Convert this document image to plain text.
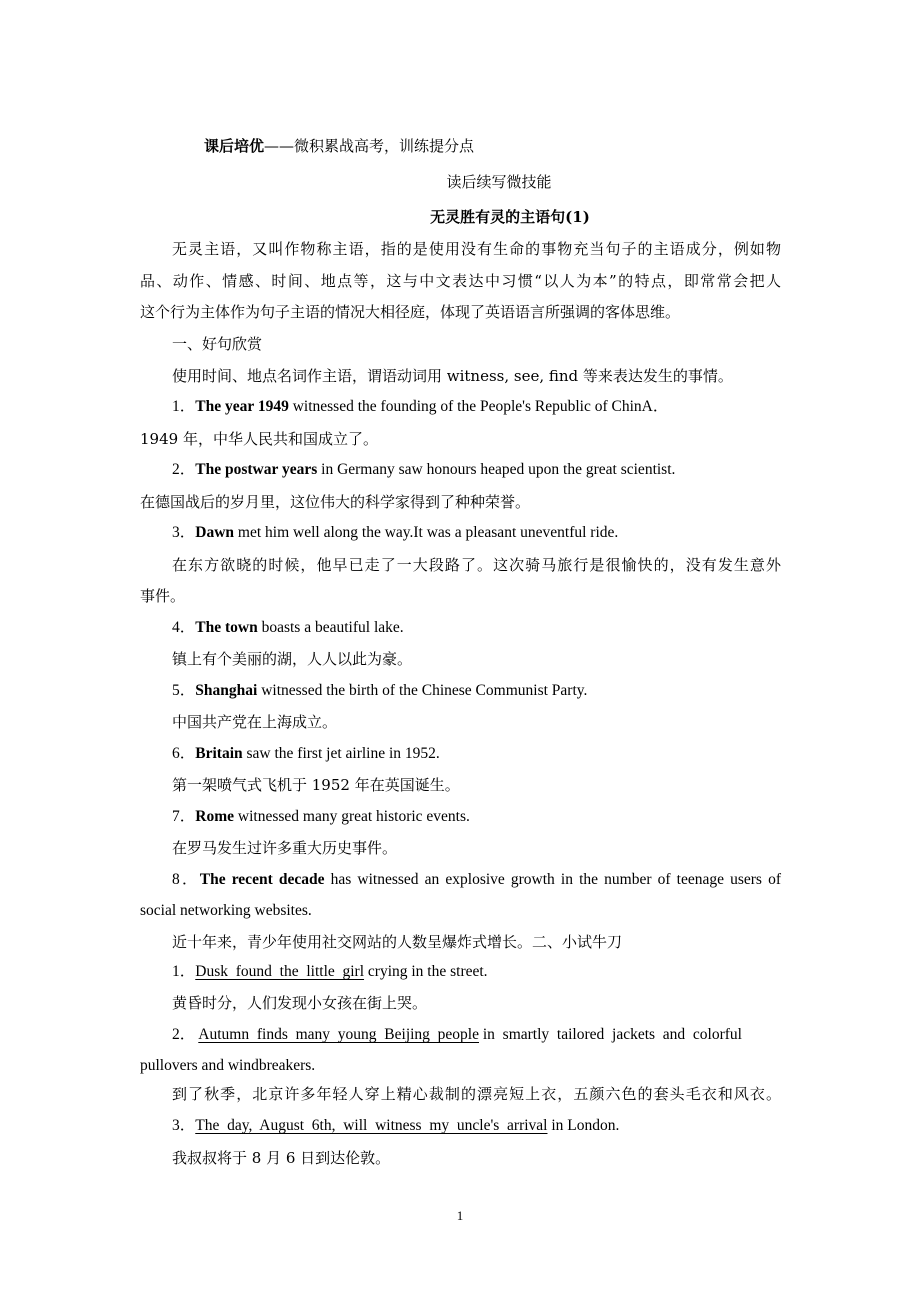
课后培优——微积累战高考，训练提分点
读后续写微技能
无灵胜有灵的主语句(1)
无灵主语，又叫作物称主语，指的是使用没有生命的事物充当句子的主语成分，例如物
品、动作、情感、时间、地点等，这与中文表达中习惯“以人为本”的特点，即常常会把人
这个行为主体作为句子主语的情况大相径庭，体现了英语语言所强调的客体思维。
一、好句欣赏
使用时间、地点名词作主语，谓语动词用 witness, see, find 等来表达发生的事情。
1．The year 1949 witnessed the founding of the People's Republic of ChinA．
1949 年，中华人民共和国成立了。
2．The postwar years in Germany saw honours heaped upon the great scientist.
在德国战后的岁月里，这位伟大的科学家得到了种种荣誉。
3．Dawn met him well along the way.It was a pleasant uneventful ride.
在东方欲晓的时候，他早已走了一大段路了。这次骑马旅行是很愉快的，没有发生意外
事件。
4．The town boasts a beautiful lake.
镇上有个美丽的湖，人人以此为豪。
5．Shanghai witnessed the birth of the Chinese Communist Party.
中国共产党在上海成立。
6．Britain saw the first jet airline in 1952.
第一架喷气式飞机于 1952 年在英国诞生。
7．Rome witnessed many great historic events.
在罗马发生过许多重大历史事件。
8．The recent decade has witnessed an explosive growth in the number of teenage users of
social networking websites.
近十年来，青少年使用社交网站的人数呈爆炸式增长。二、小试牛刀
1．Dusk  found  the  little  girl crying in the street.
黄昏时分，人们发现小女孩在街上哭。
2． Autumn  finds  many  young  Beijing  people in  smartly  tailored  jackets  and  colorful
pullovers and windbreakers.
到了秋季，北京许多年轻人穿上精心裁制的漂亮短上衣，五颜六色的套头毛衣和风衣。
3．The  day,  August  6th,  will  witness  my  uncle's  arrival in London.
我叔叔将于 8 月 6 日到达伦敦。
1
